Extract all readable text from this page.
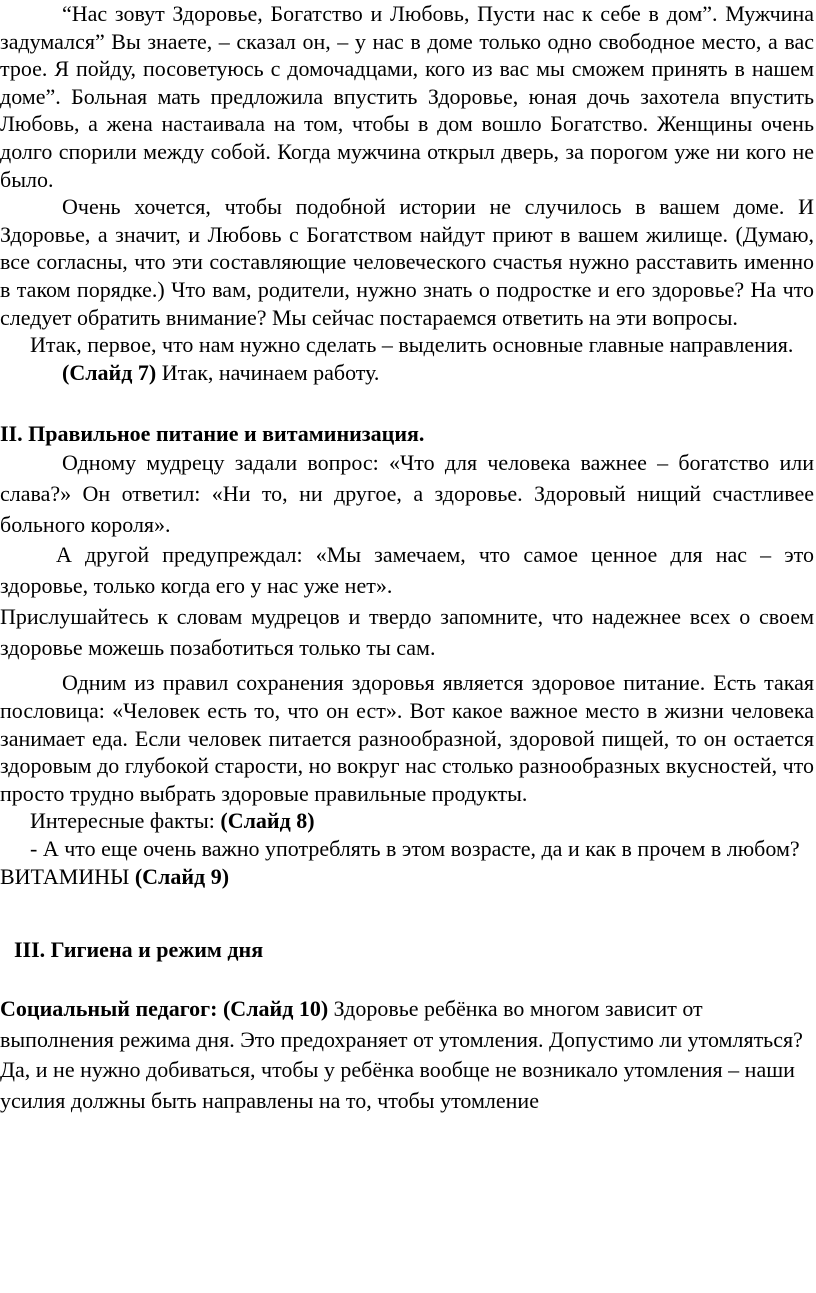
“Нас зовут Здоровье, Богатство и Любовь, Пусти нас к себе в дом”. Мужчина задумался” Вы знаете, – сказал он, – у нас в доме только одно свободное место, а вас трое. Я пойду, посоветуюсь с домочадцами, кого из вас мы сможем принять в нашем доме”. Больная мать предложила впустить Здоровье, юная дочь захотела впустить Любовь, а жена настаивала на том, чтобы в дом вошло Богатство. Женщины очень долго спорили между собой. Когда мужчина открыл дверь, за порогом уже ни кого не было.

Очень хочется, чтобы подобной истории не случилось в вашем доме. И Здоровье, а значит, и Любовь с Богатством найдут приют в вашем жилище. (Думаю, все согласны, что эти составляющие человеческого счастья нужно расставить именно в таком порядке.) Что вам, родители, нужно знать о подростке и его здоровье? На что следует обратить внимание? Мы сейчас постараемся ответить на эти вопросы.

Итак, первое, что нам нужно сделать – выделить основные главные направления.

(Слайд 7) Итак, начинаем работу.

II. Правильное питание и витаминизация.

Одному мудрецу задали вопрос: «Что для человека важнее – богатство или слава?» Он ответил: «Ни то, ни другое, а здоровье. Здоровый нищий счастливее больного короля».

А другой предупреждал: «Мы замечаем, что самое ценное для нас – это здоровье, только когда его у нас уже нет».

Прислушайтесь к словам мудрецов и твердо запомните, что надежнее всех о своем здоровье можешь позаботиться только ты сам.

Одним из правил сохранения здоровья является здоровое питание. Есть такая пословица: «Человек есть то, что он ест». Вот какое важное место в жизни человека занимает еда. Если человек питается разнообразной, здоровой пищей, то он остается здоровым до глубокой старости, но вокруг нас столько разнообразных вкусностей, что просто трудно выбрать здоровые правильные продукты.

Интересные факты: (Слайд 8)

- А что еще очень важно употреблять в этом возрасте, да и как в прочем в любом?

ВИТАМИНЫ (Слайд 9)

III. Гигиена и режим дня

Социальный педагог: (Слайд 10) Здоровье ребёнка во многом зависит от выполнения режима дня. Это предохраняет от утомления. Допустимо ли утомляться? Да, и не нужно добиваться, чтобы у ребёнка вообще не возникало утомления – наши усилия должны быть направлены на то, чтобы утомление
